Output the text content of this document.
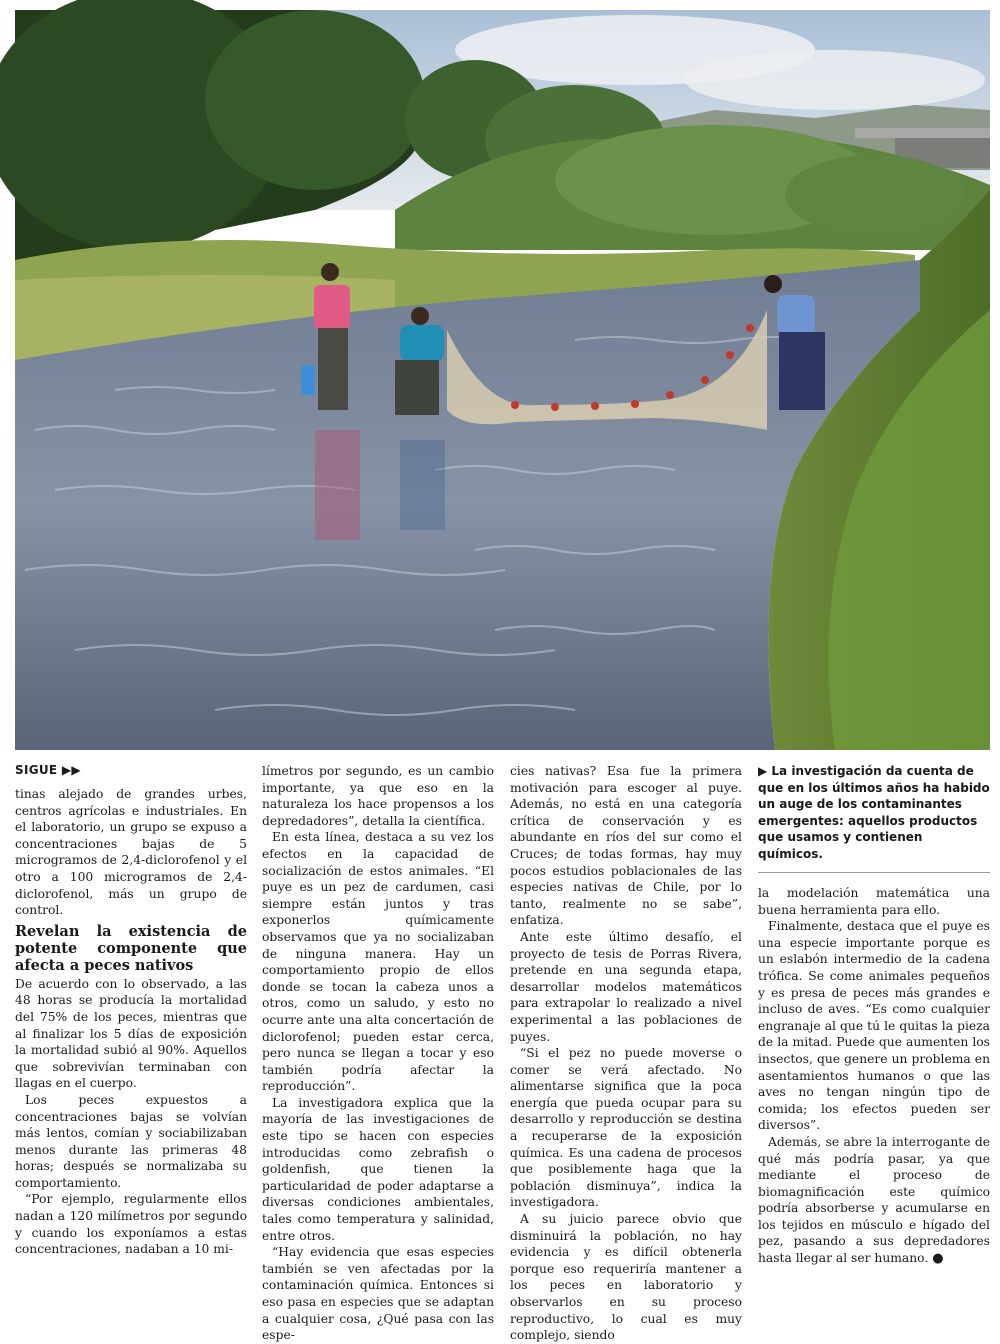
SIGUE ▶▶

tinas alejado de grandes urbes, centros agrícolas e industriales. En el laboratorio, un grupo se expuso a concentraciones bajas de 5 microgramos de 2,4-diclorofenol y el otro a 100 microgramos de 2,4-diclorofenol, más un grupo de control.

Revelan la existencia de potente componente que afecta a peces nativos

De acuerdo con lo observado, a las 48 horas se producía la mortalidad del 75% de los peces, mientras que al finalizar los 5 días de exposición la mortalidad subió al 90%. Aquellos que sobrevivían terminaban con llagas en el cuerpo.

Los peces expuestos a concentraciones bajas se volvían más lentos, comían y sociabilizaban menos durante las primeras 48 horas; después se normalizaba su comportamiento.

“Por ejemplo, regularmente ellos nadan a 120 milímetros por segundo y cuando los exponíamos a estas concentraciones, nadaban a 10 mi-

límetros por segundo, es un cambio importante, ya que eso en la naturaleza los hace propensos a los depredadores”, detalla la científica.

En esta línea, destaca a su vez los efectos en la capacidad de socialización de estos animales. “El puye es un pez de cardumen, casi siempre están juntos y tras exponerlos químicamente observamos que ya no socializaban de ninguna manera. Hay un comportamiento propio de ellos donde se tocan la cabeza unos a otros, como un saludo, y esto no ocurre ante una alta concertación de diclorofenol; pueden estar cerca, pero nunca se llegan a tocar y eso también podría afectar la reproducción”.

La investigadora explica que la mayoría de las investigaciones de este tipo se hacen con especies introducidas como zebrafish o goldenfish, que tienen la particularidad de poder adaptarse a diversas condiciones ambientales, tales como temperatura y salinidad, entre otros.

“Hay evidencia que esas especies también se ven afectadas por la contaminación química. Entonces si eso pasa en especies que se adaptan a cualquier cosa, ¿Qué pasa con las espe-

cies nativas? Esa fue la primera motivación para escoger al puye. Además, no está en una categoría crítica de conservación y es abundante en ríos del sur como el Cruces; de todas formas, hay muy pocos estudios poblacionales de las especies nativas de Chile, por lo tanto, realmente no se sabe”, enfatiza.

Ante este último desafío, el proyecto de tesis de Porras Rivera, pretende en una segunda etapa, desarrollar modelos matemáticos para extrapolar lo realizado a nivel experimental a las poblaciones de puyes.

“Si el pez no puede moverse o comer se verá afectado. No alimentarse significa que la poca energía que pueda ocupar para su desarrollo y reproducción se destina a recuperarse de la exposición química. Es una cadena de procesos que posiblemente haga que la población disminuya”, indica la investigadora.

A su juicio parece obvio que disminuirá la población, no hay evidencia y es difícil obtenerla porque eso requeriría mantener a los peces en laboratorio y observarlos en su proceso reproductivo, lo cual es muy complejo, siendo

▶ La investigación da cuenta de que en los últimos años ha habido un auge de los contaminantes emergentes: aquellos productos que usamos y contienen químicos.

la modelación matemática una buena herramienta para ello.

Finalmente, destaca que el puye es una especie importante porque es un eslabón intermedio de la cadena trófica. Se come animales pequeños y es presa de peces más grandes e incluso de aves. “Es como cualquier engranaje al que tú le quitas la pieza de la mitad. Puede que aumenten los insectos, que genere un problema en asentamientos humanos o que las aves no tengan ningún tipo de comida; los efectos pueden ser diversos”.

Además, se abre la interrogante de qué más podría pasar, ya que mediante el proceso de biomagnificación este químico podría absorberse y acumularse en los tejidos en músculo e hígado del pez, pasando a sus depredadores hasta llegar al ser humano. ●
